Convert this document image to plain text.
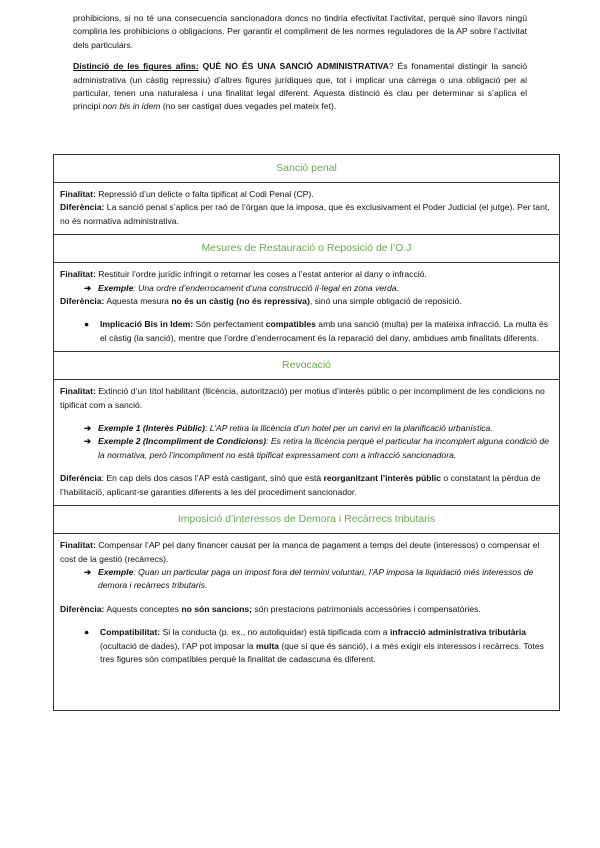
prohibicions, si no té una consecuencia sancionadora doncs no tindria efectivitat l’activitat, perquè sino llavors ningú compliria les prohibicions o obligacions. Per garantir el compliment de les normes reguladores de la AP sobre l’activitat dels particulars.

Distinció de les figures afins: QUÈ NO ÉS UNA SANCIÓ ADMINISTRATIVA? És fonamental distingir la sanció administrativa (un càstig repressiu) d’altres figures jurídiques que, tot i implicar una càrrega o una obligació per al particular, tenen una naturalesa i una finalitat legal diferent. Aquesta distinció és clau per determinar si s’aplica el principi non bis in idem (no ser castigat dues vegades pel mateix fet).

Sanció penal

Finalitat: Repressió d’un delicte o falta tipificat al Codi Penal (CP).

Diferència: La sanció penal s’aplica per raó de l’òrgan que la imposa, que és exclusivament el Poder Judicial (el jutge). Per tant, no és normativa administrativa.

Mesures de Restauració o Reposició de l’O.J

Finalitat: Restituir l’ordre jurídic infringit o retornar les coses a l’estat anterior al dany o infracció.

➔ Exemple: Una ordre d’enderrocament d’una construcció il·legal en zona verda.

Diferència: Aquesta mesura no és un càstig (no és repressiva), sinó una simple obligació de reposició.

● Implicació Bis in Idem: Són perfectament compatibles amb una sanció (multa) per la mateixa infracció. La multa és el càstig (la sanció), mentre que l’ordre d’enderrocament és la reparació del dany, ambdues amb finalitats diferents.

Revocació

Finalitat: Extinció d’un títol habilitant (llicència, autorització) per motius d’interès públic o per incompliment de les condicions no tipificat com a sanció.

➔ Exemple 1 (Interès Públic): L’AP retira la llicència d’un hotel per un canvi en la planificació urbanística.

➔ Exemple 2 (Incompliment de Condicions): Es retira la llicència perquè el particular ha incomplert alguna condició de la normativa, però l’incompliment no està tipificat expressament com a infracció sancionadora.

Diferència: En cap dels dos casos l’AP està castigant, sinó que està reorganitzant l’interès públic o constatant la pèrdua de l’habilitació, aplicant-se garanties diferents a les del procediment sancionador.

Imposició d’interessos de Demora i Recàrrecs tributaris

Finalitat: Compensar l’AP pel dany financer causat per la manca de pagament a temps del deute (interessos) o compensar el cost de la gestió (recàrrecs).

➔ Exemple: Quan un particular paga un impost fora del termini voluntari, l’AP imposa la liquidació més interessos de demora i recàrrecs tributaris.

Diferència: Aquests conceptes no són sancions; són prestacions patrimonials accessòries i compensatòries.

● Compatibilitat: Si la conducta (p. ex., no autoliquidar) està tipificada com a infracció administrativa tributària (ocultació de dades), l’AP pot imposar la multa (que sí que és sanció), i a més exigir els interessos i recàrrecs. Totes tres figures són compatibles perquè la finalitat de cadascuna és diferent.
